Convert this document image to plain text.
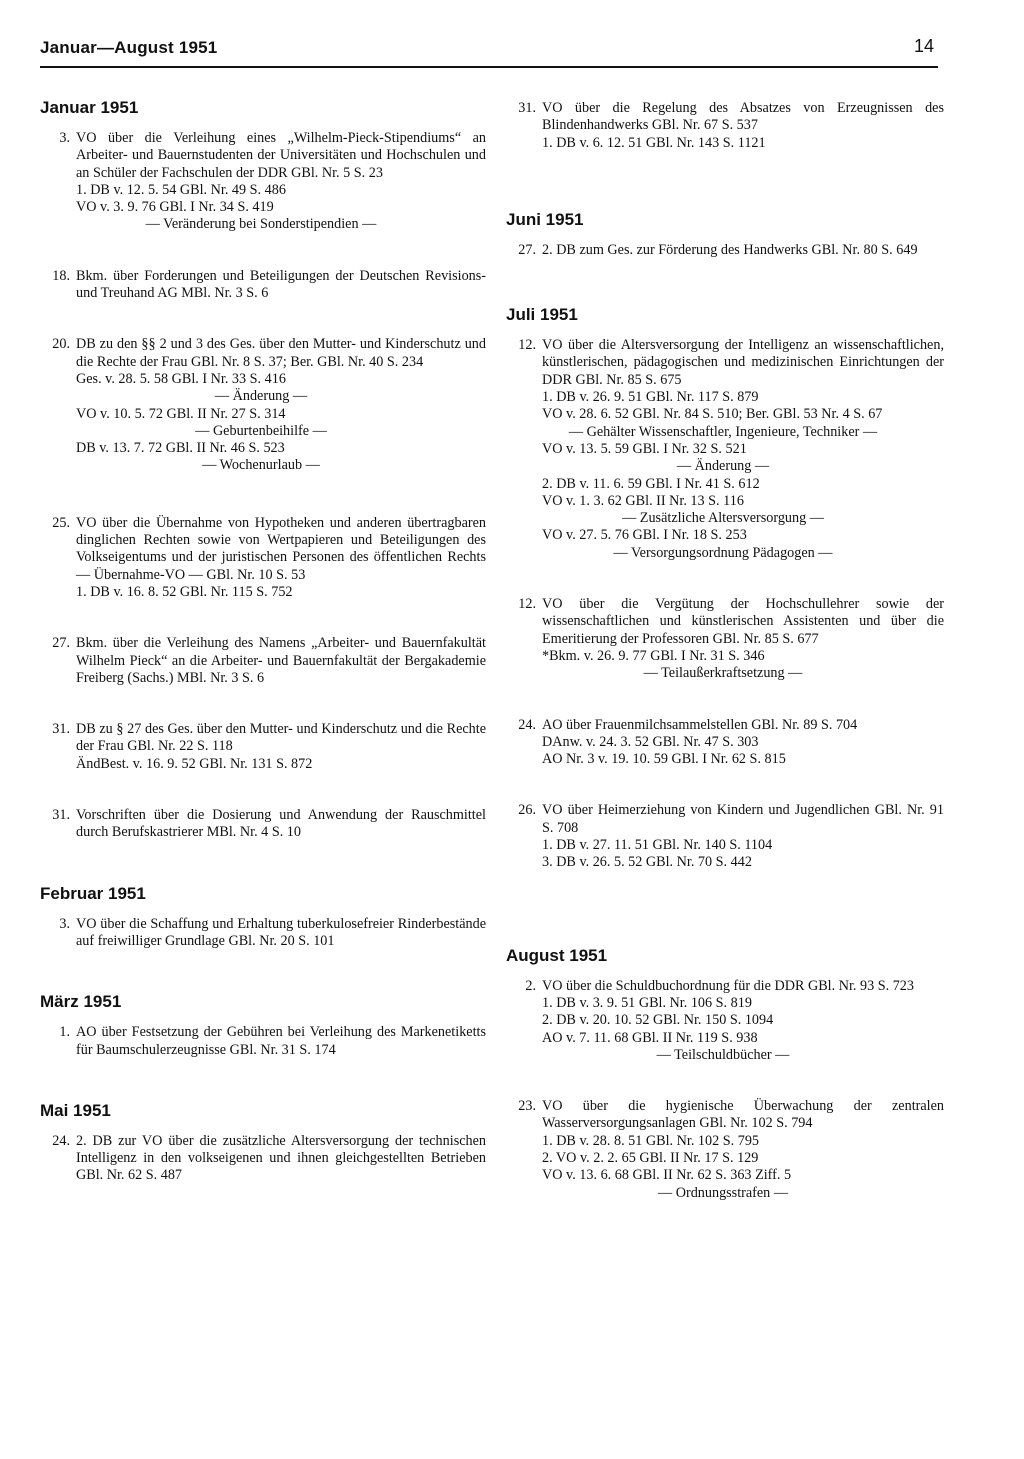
Januar—August 1951	14
Januar 1951
3. VO über die Verleihung eines „Wilhelm-Pieck-Stipendiums“ an Arbeiter- und Bauernstudenten der Universitäten und Hochschulen und an Schüler der Fachschulen der DDR GBl. Nr. 5 S. 23
1. DB v. 12. 5. 54 GBl. Nr. 49 S. 486
VO v. 3. 9. 76 GBl. I Nr. 34 S. 419
— Veränderung bei Sonderstipendien —
18. Bkm. über Forderungen und Beteiligungen der Deutschen Revisions- und Treuhand AG MBl. Nr. 3 S. 6
20. DB zu den §§ 2 und 3 des Ges. über den Mutter- und Kinderschutz und die Rechte der Frau GBl. Nr. 8 S. 37; Ber. GBl. Nr. 40 S. 234
Ges. v. 28. 5. 58 GBl. I Nr. 33 S. 416
— Änderung —
VO v. 10. 5. 72 GBl. II Nr. 27 S. 314
— Geburtenbeihilfe —
DB v. 13. 7. 72 GBl. II Nr. 46 S. 523
— Wochenurlaub —
25. VO über die Übernahme von Hypotheken und anderen übertragbaren dinglichen Rechten sowie von Wertpapieren und Beteiligungen des Volkseigentums und der juristischen Personen des öffentlichen Rechts — Übernahme-VO — GBl. Nr. 10 S. 53
1. DB v. 16. 8. 52 GBl. Nr. 115 S. 752
27. Bkm. über die Verleihung des Namens „Arbeiter- und Bauernfakultät Wilhelm Pieck“ an die Arbeiter- und Bauernfakultät der Bergakademie Freiberg (Sachs.) MBl. Nr. 3 S. 6
31. DB zu § 27 des Ges. über den Mutter- und Kinderschutz und die Rechte der Frau GBl. Nr. 22 S. 118
ÄndBest. v. 16. 9. 52 GBl. Nr. 131 S. 872
31. Vorschriften über die Dosierung und Anwendung der Rauschmittel durch Berufskastrierer MBl. Nr. 4 S. 10
Februar 1951
3. VO über die Schaffung und Erhaltung tuberkulosefreier Rinderbestände auf freiwilliger Grundlage GBl. Nr. 20 S. 101
März 1951
1. AO über Festsetzung der Gebühren bei Verleihung des Markenetiketts für Baumschulerzeugnisse GBl. Nr. 31 S. 174
Mai 1951
24. 2. DB zur VO über die zusätzliche Altersversorgung der technischen Intelligenz in den volkseigenen und ihnen gleichgestellten Betrieben GBl. Nr. 62 S. 487
31. VO über die Regelung des Absatzes von Erzeugnissen des Blindenhandwerks GBl. Nr. 67 S. 537
1. DB v. 6. 12. 51 GBl. Nr. 143 S. 1121
Juni 1951
27. 2. DB zum Ges. zur Förderung des Handwerks GBl. Nr. 80 S. 649
Juli 1951
12. VO über die Altersversorgung der Intelligenz an wissenschaftlichen, künstlerischen, pädagogischen und medizinischen Einrichtungen der DDR GBl. Nr. 85 S. 675
1. DB v. 26. 9. 51 GBl. Nr. 117 S. 879
VO v. 28. 6. 52 GBl. Nr. 84 S. 510; Ber. GBl. 53 Nr. 4 S. 67
— Gehälter Wissenschaftler, Ingenieure, Techniker —
VO v. 13. 5. 59 GBl. I Nr. 32 S. 521
— Änderung —
2. DB v. 11. 6. 59 GBl. I Nr. 41 S. 612
VO v. 1. 3. 62 GBl. II Nr. 13 S. 116
— Zusätzliche Altersversorgung —
VO v. 27. 5. 76 GBl. I Nr. 18 S. 253
— Versorgungsordnung Pädagogen —
12. VO über die Vergütung der Hochschullehrer sowie der wissenschaftlichen und künstlerischen Assistenten und über die Emeritierung der Professoren GBl. Nr. 85 S. 677
*Bkm. v. 26. 9. 77 GBl. I Nr. 31 S. 346
— Teilaußerkraftsetzung —
24. AO über Frauenmilchsammelstellen GBl. Nr. 89 S. 704
DAnw. v. 24. 3. 52 GBl. Nr. 47 S. 303
AO Nr. 3 v. 19. 10. 59 GBl. I Nr. 62 S. 815
26. VO über Heimerziehung von Kindern und Jugendlichen GBl. Nr. 91 S. 708
1. DB v. 27. 11. 51 GBl. Nr. 140 S. 1104
3. DB v. 26. 5. 52 GBl. Nr. 70 S. 442
August 1951
2. VO über die Schuldbuchordnung für die DDR GBl. Nr. 93 S. 723
1. DB v. 3. 9. 51 GBl. Nr. 106 S. 819
2. DB v. 20. 10. 52 GBl. Nr. 150 S. 1094
AO v. 7. 11. 68 GBl. II Nr. 119 S. 938
— Teilschuldbücher —
23. VO über die hygienische Überwachung der zentralen Wasserversorgungsanlagen GBl. Nr. 102 S. 794
1. DB v. 28. 8. 51 GBl. Nr. 102 S. 795
2. VO v. 2. 2. 65 GBl. II Nr. 17 S. 129
VO v. 13. 6. 68 GBl. II Nr. 62 S. 363 Ziff. 5
— Ordnungsstrafen —
